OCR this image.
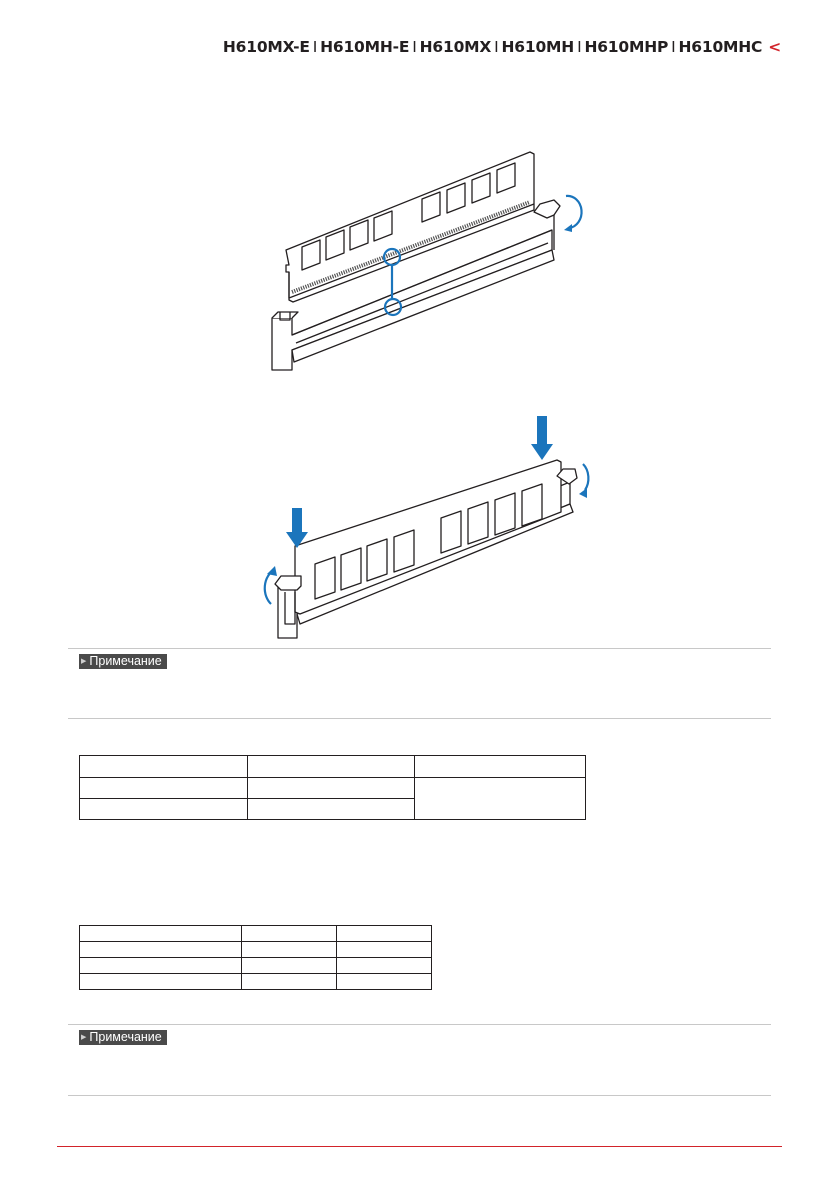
H610MX-E I H610MH-E I H610MX I H610MH I H610MHP I H610MHC <
▶ Примечание

▶ Примечание
